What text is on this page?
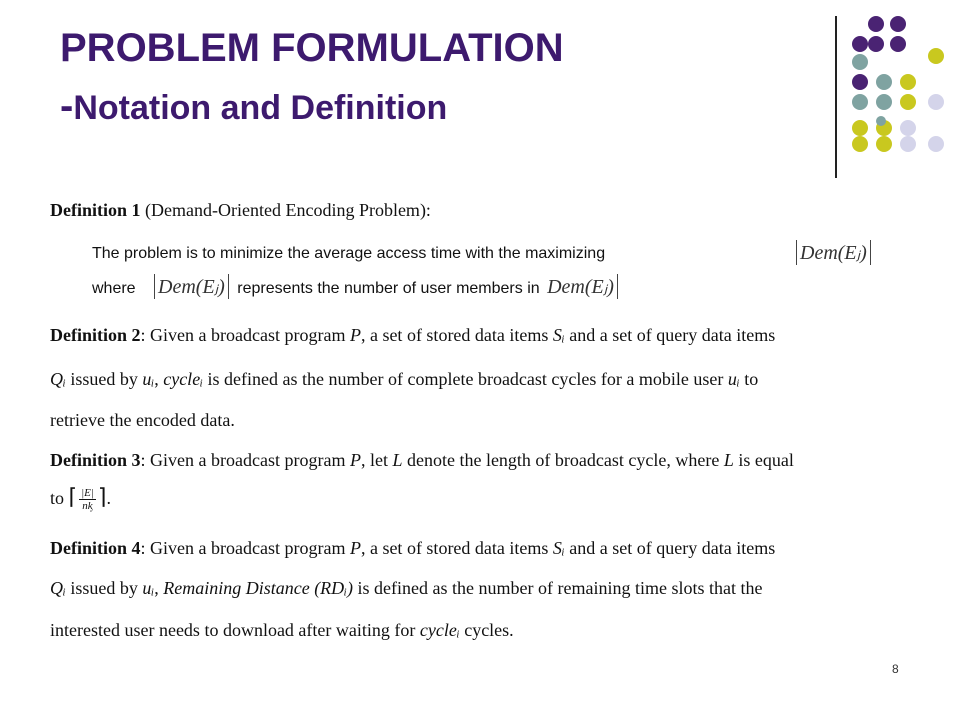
PROBLEM FORMULATION
-Notation and Definition
Definition 1 (Demand-Oriented Encoding Problem):
The problem is to minimize the average access time with the maximizing	Dem(Eⱼ)
where Dem(Eⱼ) represents the number of user members in Dem(Eⱼ)
Definition 2: Given a broadcast program P, a set of stored data items Sᵢ and a set of query data items
Qᵢ issued by uᵢ, cycleᵢ is defined as the number of complete broadcast cycles for a mobile user uᵢ to
retrieve the encoded data.
Definition 3: Given a broadcast program P, let L denote the length of broadcast cycle, where L is equal
to ⌈ $\frac{|E|}{\text{nᶄ}}$ ⌉.
Definition 4: Given a broadcast program P, a set of stored data items Sᵢ and a set of query data items
Qᵢ issued by uᵢ, Remaining Distance (RDᵢ) is defined as the number of remaining time slots that the
interested user needs to download after waiting for cycleᵢ cycles.
8
